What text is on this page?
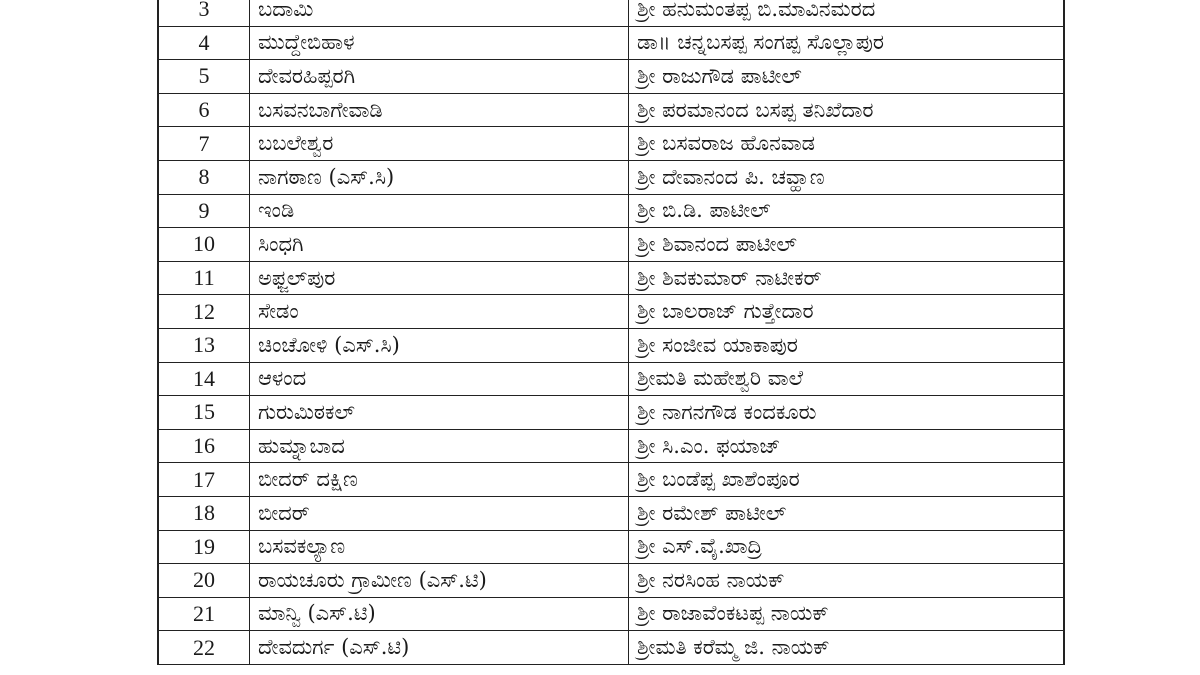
3	ಬದಾಮಿ	ಶ್ರೀ ಹನುಮಂತಪ್ಪ ಬಿ.ಮಾವಿನಮರದ
4	ಮುದ್ದೇಬಿಹಾಳ	ಡಾ॥ ಚನ್ನಬಸಪ್ಪ ಸಂಗಪ್ಪ ಸೊಲ್ಲಾಪುರ
5	ದೇವರಹಿಪ್ಪರಗಿ	ಶ್ರೀ ರಾಜುಗೌಡ ಪಾಟೀಲ್
6	ಬಸವನಬಾಗೇವಾಡಿ	ಶ್ರೀ ಪರಮಾನಂದ ಬಸಪ್ಪ ತನಿಖೆದಾರ
7	ಬಬಲೇಶ್ವರ	ಶ್ರೀ ಬಸವರಾಜ ಹೊನವಾಡ
8	ನಾಗಠಾಣ (ಎಸ್.ಸಿ)	ಶ್ರೀ ದೇವಾನಂದ ಪಿ. ಚವ್ಹಾಣ
9	ಇಂಡಿ	ಶ್ರೀ ಬಿ.ಡಿ. ಪಾಟೀಲ್
10	ಸಿಂಧಗಿ	ಶ್ರೀ ಶಿವಾನಂದ ಪಾಟೀಲ್
11	ಅಫ್ಜಲ್‌ಪುರ	ಶ್ರೀ ಶಿವಕುಮಾರ್ ನಾಟೀಕರ್
12	ಸೇಡಂ	ಶ್ರೀ ಬಾಲರಾಜ್ ಗುತ್ತೇದಾರ
13	ಚಿಂಚೋಳಿ (ಎಸ್.ಸಿ)	ಶ್ರೀ ಸಂಜೀವ ಯಾಕಾಪುರ
14	ಆಳಂದ	ಶ್ರೀಮತಿ ಮಹೇಶ್ವರಿ ವಾಲೆ
15	ಗುರುಮಿಠಕಲ್	ಶ್ರೀ ನಾಗನಗೌಡ ಕಂದಕೂರು
16	ಹುಮ್ನಾಬಾದ	ಶ್ರೀ ಸಿ.ಎಂ. ಫಯಾಜ್
17	ಬೀದರ್ ದಕ್ಷಿಣ	ಶ್ರೀ ಬಂಡೆಪ್ಪ ಖಾಶೆಂಪೂರ
18	ಬೀದರ್	ಶ್ರೀ ರಮೇಶ್ ಪಾಟೀಲ್
19	ಬಸವಕಲ್ಯಾಣ	ಶ್ರೀ ಎಸ್.ವೈ.ಖಾದ್ರಿ
20	ರಾಯಚೂರು ಗ್ರಾಮೀಣ (ಎಸ್.ಟಿ)	ಶ್ರೀ ನರಸಿಂಹ ನಾಯಕ್
21	ಮಾನ್ವಿ (ಎಸ್.ಟಿ)	ಶ್ರೀ ರಾಜಾವೆಂಕಟಪ್ಪ ನಾಯಕ್
22	ದೇವದುರ್ಗ (ಎಸ್.ಟಿ)	ಶ್ರೀಮತಿ ಕರೆಮ್ಮ ಜಿ. ನಾಯಕ್
